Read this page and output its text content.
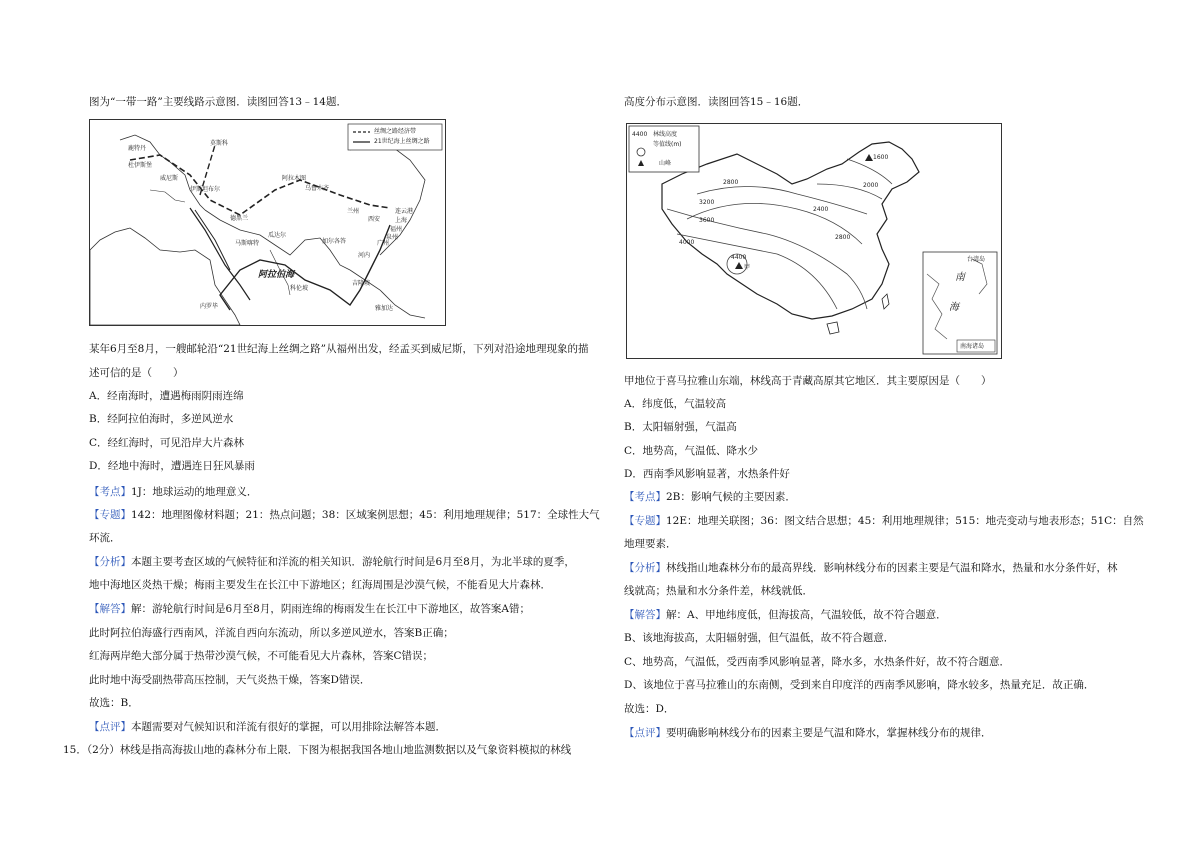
图为“一带一路”主要线路示意图．读图回答13﹣14题．

丝绸之路经济带
21世纪海上丝绸之路
莫斯科
鹿特丹
杜伊斯堡
威尼斯
伊斯坦布尔
阿拉木图
乌鲁木齐
德黑兰
兰州
西安
连云港
上海
福州
泉州
广州
瓜达尔
马斯喀特	加尔各答
科伦坡
河内
吉隆坡
雅加达
内罗毕
阿拉伯海

某年6月至8月，一艘邮轮沿“21世纪海上丝绸之路”从福州出发，经孟买到威尼斯，下列对沿途地理现象的描述可信的是（　　）

A．经南海时，遭遇梅雨阴雨连绵

B．经阿拉伯海时，多逆风逆水

C．经红海时，可见沿岸大片森林

D．经地中海时，遭遇连日狂风暴雨

【考点】1J：地球运动的地理意义．

【专题】142：地理图像材料题；21：热点问题；38：区域案例思想；45：利用地理规律；517：全球性大气

环流．

【分析】本题主要考查区域的气候特征和洋流的相关知识．游轮航行时间是6月至8月，为北半球的夏季，

地中海地区炎热干燥；梅雨主要发生在长江中下游地区；红海周围是沙漠气候，不能看见大片森林．

【解答】解：游轮航行时间是6月至8月，阴雨连绵的梅雨发生在长江中下游地区，故答案A错；

此时阿拉伯海盛行西南风，洋流自西向东流动，所以多逆风逆水，答案B正确；

红海两岸绝大部分属于热带沙漠气候，不可能看见大片森林，答案C错误；

此时地中海受副热带高压控制，天气炎热干燥，答案D错误．

故选：B．

【点评】本题需要对气候知识和洋流有很好的掌握，可以用排除法解答本题．

15．（2分）林线是指高海拔山地的森林分布上限．下图为根据我国各地山地监测数据以及气象资料模拟的林线

高度分布示意图．读图回答15﹣16题．

4400 林线高度
等值线(m)
山峰
1600
2000
2400
2800
3200
3600
4000
4400
2800
甲
台湾岛
南
海
南海诸岛

甲地位于喜马拉雅山东端，林线高于青藏高原其它地区．其主要原因是（　　）

A．纬度低，气温较高

B．太阳辐射强，气温高

C．地势高，气温低、降水少

D．西南季风影响显著，水热条件好

【考点】2B：影响气候的主要因素．

【专题】12E：地理关联图；36：图文结合思想；45：利用地理规律；515：地壳变动与地表形态；51C：自然

地理要素．

【分析】林线指山地森林分布的最高界线．影响林线分布的因素主要是气温和降水，热量和水分条件好，林

线就高；热量和水分条件差，林线就低．

【解答】解：A、甲地纬度低，但海拔高，气温较低，故不符合题意．

B、该地海拔高，太阳辐射强，但气温低，故不符合题意．

C、地势高，气温低，受西南季风影响显著，降水多，水热条件好，故不符合题意．

D、该地位于喜马拉雅山的东南侧，受到来自印度洋的西南季风影响，降水较多，热量充足．故正确．

故选：D．

【点评】要明确影响林线分布的因素主要是气温和降水，掌握林线分布的规律．
